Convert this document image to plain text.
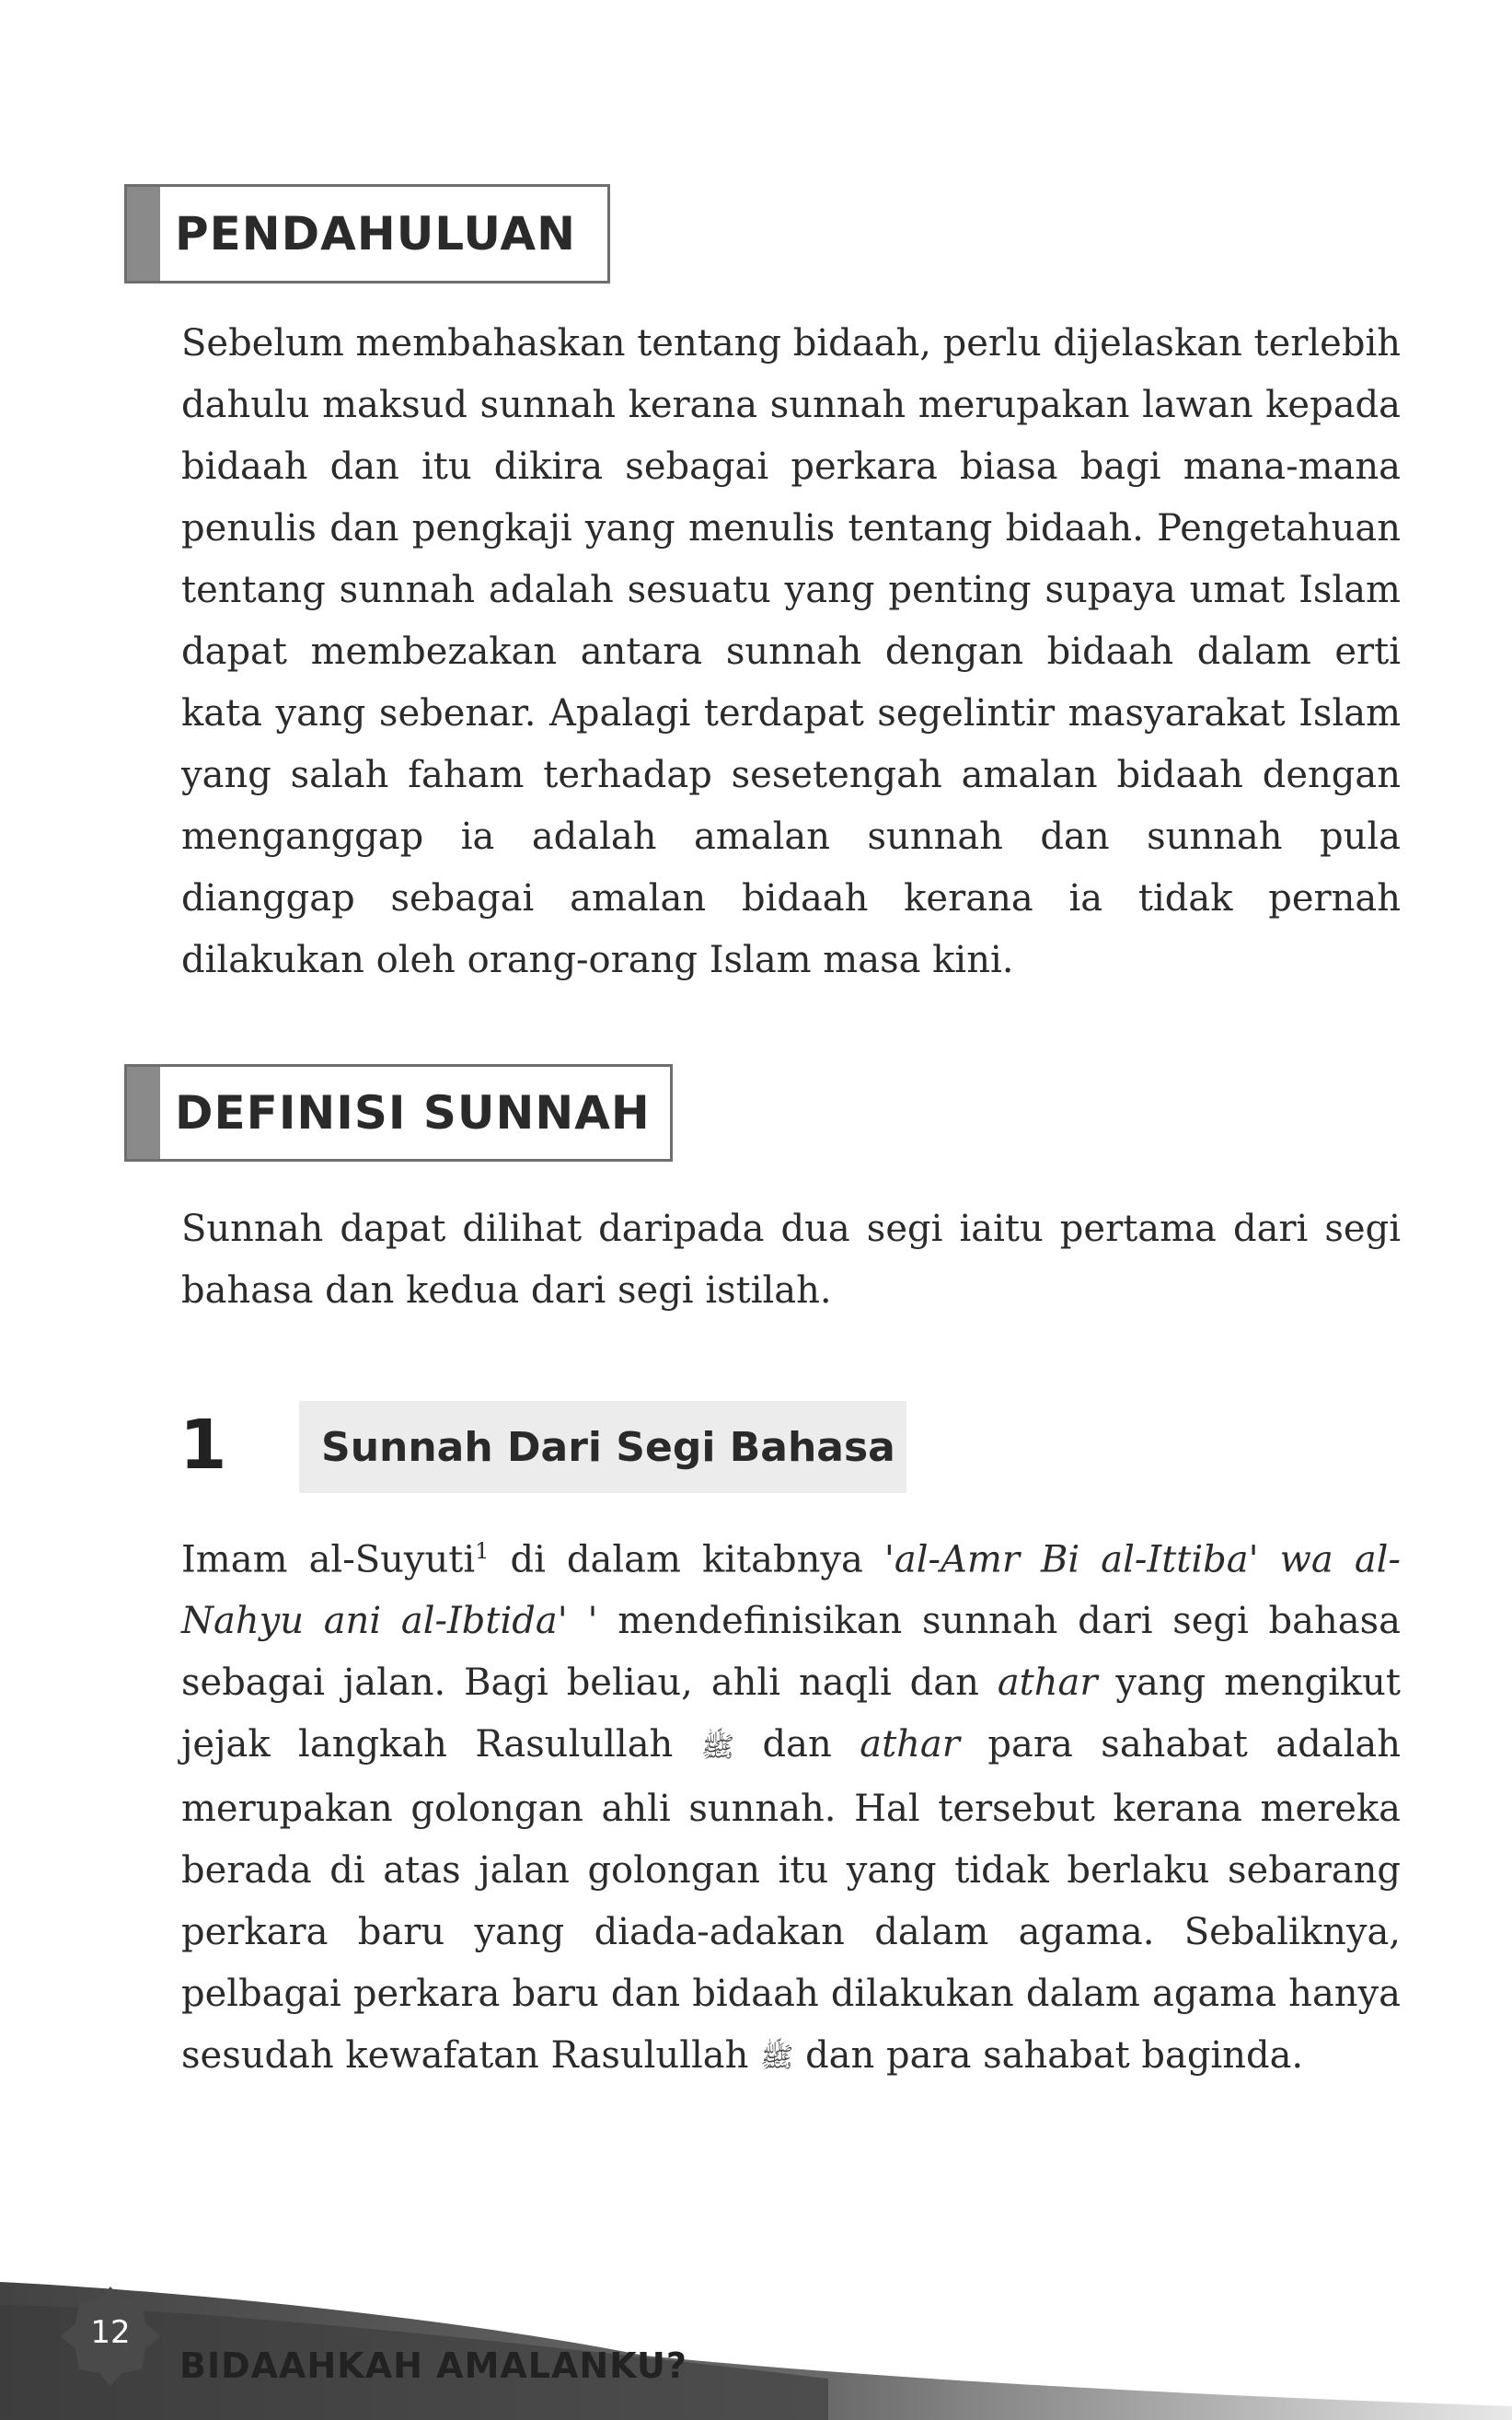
PENDAHULUAN

Sebelum membahaskan tentang bidaah, perlu dijelaskan terlebih dahulu maksud sunnah kerana sunnah merupakan lawan kepada bidaah dan itu dikira sebagai perkara biasa bagi mana-mana penulis dan pengkaji yang menulis tentang bidaah. Pengetahuan tentang sunnah adalah sesuatu yang penting supaya umat Islam dapat membezakan antara sunnah dengan bidaah dalam erti kata yang sebenar. Apalagi terdapat segelintir masyarakat Islam yang salah faham terhadap sesetengah amalan bidaah dengan menganggap ia adalah amalan sunnah dan sunnah pula dianggap sebagai amalan bidaah kerana ia tidak pernah dilakukan oleh orang-orang Islam masa kini.

DEFINISI SUNNAH

Sunnah dapat dilihat daripada dua segi iaitu pertama dari segi bahasa dan kedua dari segi istilah.

1	Sunnah Dari Segi Bahasa

Imam al-Suyuti$^1$ di dalam kitabnya 'al-Amr Bi al-Ittiba' wa al-Nahyu ani al-Ibtida' ' mendefinisikan sunnah dari segi bahasa sebagai jalan. Bagi beliau, ahli naqli dan athar yang mengikut jejak langkah Rasulullah ﷺ dan athar para sahabat adalah merupakan golongan ahli sunnah. Hal tersebut kerana mereka berada di atas jalan golongan itu yang tidak berlaku sebarang perkara baru yang diada-adakan dalam agama. Sebaliknya, pelbagai perkara baru dan bidaah dilakukan dalam agama hanya sesudah kewafatan Rasulullah ﷺ dan para sahabat baginda.

12
BIDAAHKAH AMALANKU?
